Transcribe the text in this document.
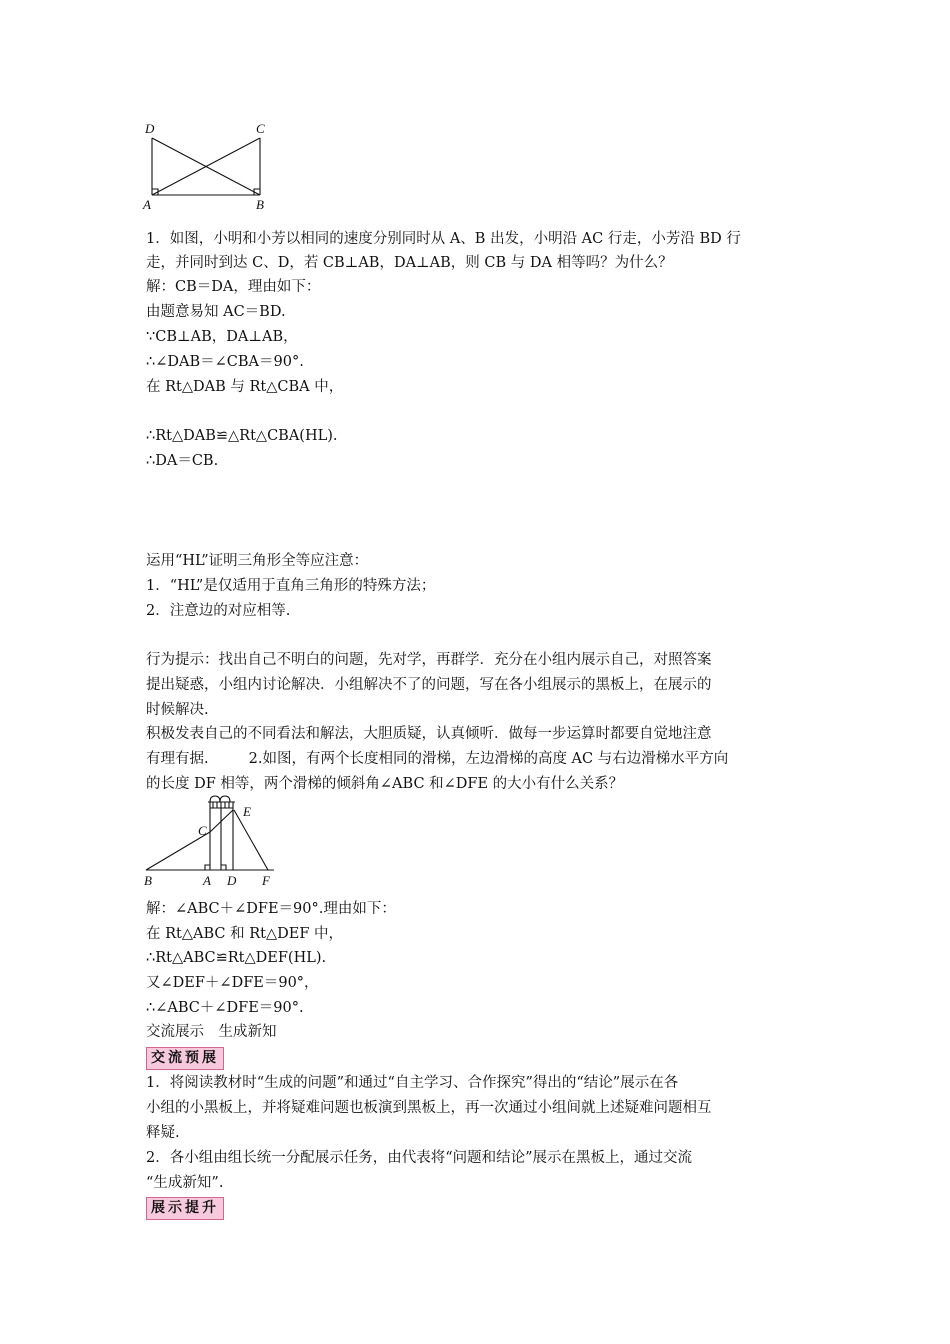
D	C
A	B
1．如图，小明和小芳以相同的速度分别同时从 A、B 出发，小明沿 AC 行走，小芳沿 BD 行
走，并同时到达 C、D，若 CB⊥AB，DA⊥AB，则 CB 与 DA 相等吗？为什么？
解：CB＝DA，理由如下：
由题意易知 AC＝BD.
∵CB⊥AB，DA⊥AB，
∴∠DAB＝∠CBA＝90°.
在 Rt△DAB 与 Rt△CBA 中，
∴Rt△DAB≌△Rt△CBA(HL).
∴DA＝CB.
运用“HL”证明三角形全等应注意：
1．“HL”是仅适用于直角三角形的特殊方法；
2．注意边的对应相等.
行为提示：找出自己不明白的问题，先对学，再群学．充分在小组内展示自己，对照答案
提出疑惑，小组内讨论解决．小组解决不了的问题，写在各小组展示的黑板上，在展示的
时候解决.
积极发表自己的不同看法和解法，大胆质疑，认真倾听．做每一步运算时都要自觉地注意
有理有据.	2.如图，有两个长度相同的滑梯，左边滑梯的高度 AC 与右边滑梯水平方向
的长度 DF 相等，两个滑梯的倾斜角∠ABC 和∠DFE 的大小有什么关系？
E
C
B	A D F
解：∠ABC＋∠DFE＝90°.理由如下：
在 Rt△ABC 和 Rt△DEF 中，
∴Rt△ABC≌Rt△DEF(HL).
又∠DEF＋∠DFE＝90°，
∴∠ABC＋∠DFE＝90°.
交流展示　生成新知
交流预展
1．将阅读教材时“生成的问题”和通过“自主学习、合作探究”得出的“结论”展示在各
小组的小黑板上，并将疑难问题也板演到黑板上，再一次通过小组间就上述疑难问题相互
释疑.
2．各小组由组长统一分配展示任务，由代表将“问题和结论”展示在黑板上，通过交流
“生成新知”.
展示提升
